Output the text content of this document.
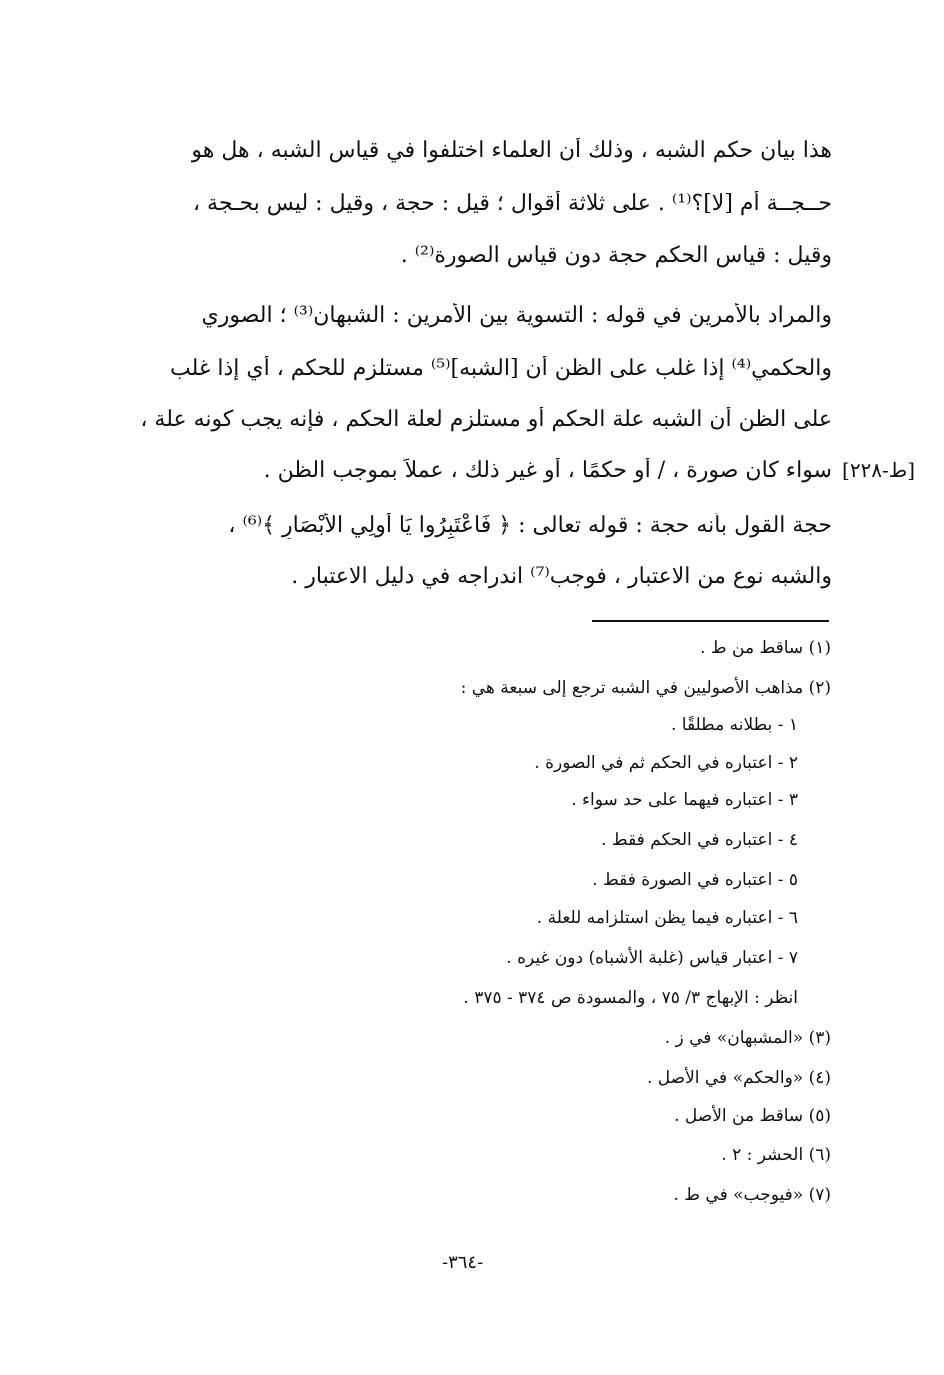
هذا بيان حكم الشبه ، وذلك أن العلماء اختلفوا في قياس الشبه ، هل هو
حــجــة أم [لا]؟⁽¹⁾ . على ثلاثة أقوال ؛ قيل : حجة ، وقيل : ليس بحـجة ،
وقيل : قياس الحكم حجة دون قياس الصورة⁽²⁾ .
والمراد بالأمرين في قوله : التسوية بين الأمرين : الشبهان⁽³⁾ ؛ الصوري
والحكمي⁽⁴⁾ إذا غلب على الظن أن [الشبه]⁽⁵⁾ مستلزم للحكم ، أي إذا غلب
على الظن أن الشبه علة الحكم أو مستلزم لعلة الحكم ، فإنه يجب كونه علة ،
سواء كان صورة ، / أو حكمًا ، أو غير ذلك ، عملاً بموجب الظن .
حجة القول بأنه حجة : قوله تعالى : ﴿ فَاعْتَبِرُوا يَا أُولِي الأَبْصَارِ ﴾⁽⁶⁾ ،
والشبه نوع من الاعتبار ، فوجب⁽⁷⁾ اندراجه في دليل الاعتبار .
[ط-٢٢٨]
(١) ساقط من ط .
(٢) مذاهب الأصوليين في الشبه ترجع إلى سبعة هي :
١ - بطلانه مطلقًا .
٢ - اعتباره في الحكم ثم في الصورة .
٣ - اعتباره فيهما على حد سواء .
٤ - اعتباره في الحكم فقط .
٥ - اعتباره في الصورة فقط .
٦ - اعتباره فيما يظن استلزامه للعلة .
٧ - اعتبار قياس (غلبة الأشباه) دون غيره .
انظر : الإبهاج ٣/ ٧٥ ، والمسودة ص ٣٧٤ - ٣٧٥ .
(٣) «المشبهان» في ز .
(٤) «والحكم» في الأصل .
(٥) ساقط من الأصل .
(٦) الحشر : ٢ .
(٧) «فيوجب» في ط .
-٣٦٤-
